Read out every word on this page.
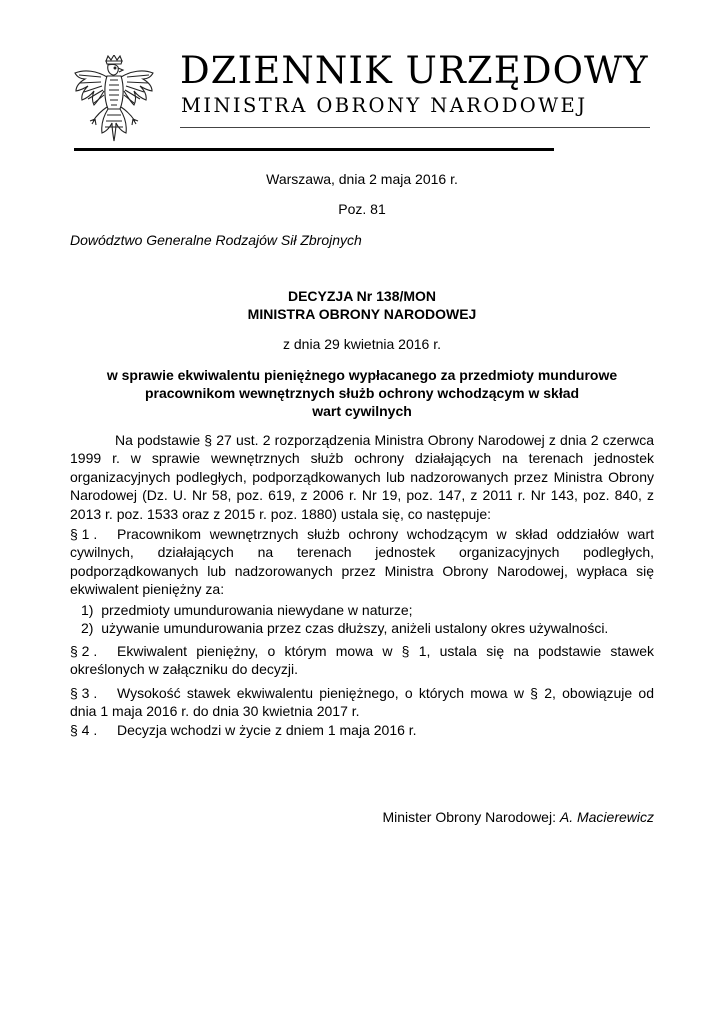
DZIENNIK URZĘDOWY
MINISTRA OBRONY NARODOWEJ
Warszawa, dnia 2 maja 2016 r.
Poz. 81
Dowództwo Generalne Rodzajów Sił Zbrojnych
DECYZJA Nr 138/MON
MINISTRA OBRONY NARODOWEJ
z dnia 29 kwietnia 2016 r.
w sprawie ekwiwalentu pieniężnego wypłacanego za przedmioty mundurowe
pracownikom wewnętrznych służb ochrony wchodzącym w skład
wart cywilnych
Na podstawie § 27 ust. 2 rozporządzenia Ministra Obrony Narodowej z dnia 2 czerwca 1999 r. w sprawie wewnętrznych służb ochrony działających na terenach jednostek organizacyjnych podległych, podporządkowanych lub nadzorowanych przez Ministra Obrony Narodowej (Dz. U. Nr 58, poz. 619, z 2006 r. Nr 19, poz. 147, z 2011 r. Nr 143, poz. 840, z 2013 r. poz. 1533 oraz z 2015 r. poz. 1880) ustala się, co następuje:
§ 1 .	Pracownikom wewnętrznych służb ochrony wchodzącym w skład oddziałów wart cywilnych, działających na terenach jednostek organizacyjnych podległych, podporządkowanych lub nadzorowanych przez Ministra Obrony Narodowej, wypłaca się ekwiwalent pieniężny za:
1) przedmioty umundurowania niewydane w naturze;
2) używanie umundurowania przez czas dłuższy, aniżeli ustalony okres używalności.
§ 2 .	Ekwiwalent pieniężny, o którym mowa w § 1, ustala się na podstawie stawek określonych w załączniku do decyzji.
§ 3 .	Wysokość stawek ekwiwalentu pieniężnego, o których mowa w § 2, obowiązuje od dnia 1 maja 2016 r. do dnia 30 kwietnia 2017 r.
§ 4 .	Decyzja wchodzi w życie z dniem 1 maja 2016 r.
Minister Obrony Narodowej: A. Macierewicz
